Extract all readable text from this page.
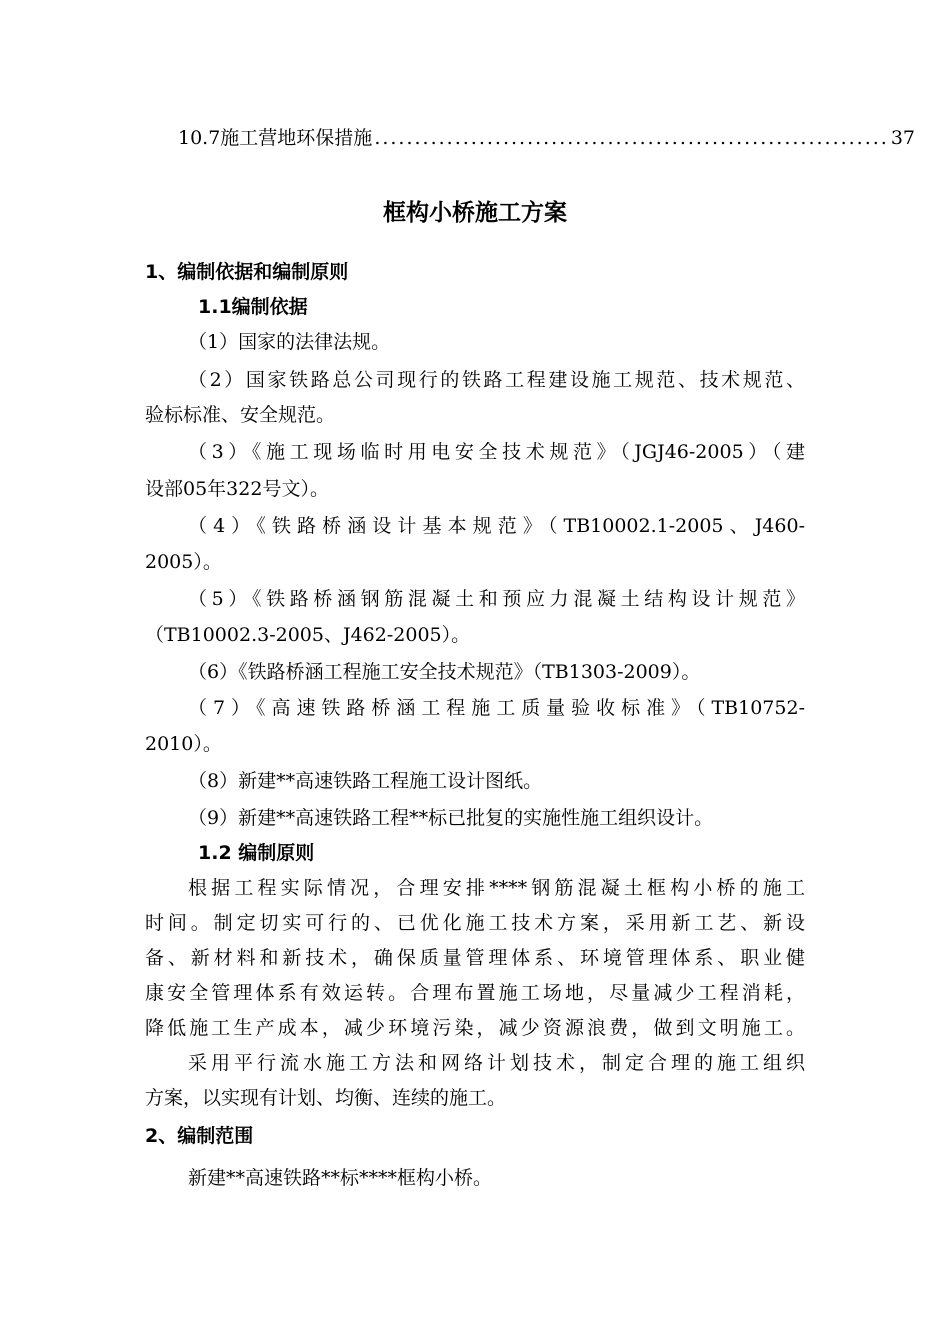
10.7施工营地环保措施 ................................................................ 37
框构小桥施工方案
1、编制依据和编制原则
1.1编制依据
（1）国家的法律法规。
（2）国家铁路总公司现行的铁路工程建设施工规范、技术规范、
验标标准、安全规范。
（3）《施工现场临时用电安全技术规范》（JGJ46-2005）（建
设部05年322号文）。
（4）《铁路桥涵设计基本规范》（TB10002.1-2005、J460-
2005）。
（5）《铁路桥涵钢筋混凝土和预应力混凝土结构设计规范》
（TB10002.3-2005、J462-2005）。
（6）《铁路桥涵工程施工安全技术规范》（TB1303-2009）。
（7）《高速铁路桥涵工程施工质量验收标准》（TB10752-
2010）。
（8）新建**高速铁路工程施工设计图纸。
（9）新建**高速铁路工程**标已批复的实施性施工组织设计。
1.2 编制原则
根据工程实际情况，合理安排****钢筋混凝土框构小桥的施工
时间。制定切实可行的、已优化施工技术方案，采用新工艺、新设
备、新材料和新技术，确保质量管理体系、环境管理体系、职业健
康安全管理体系有效运转。合理布置施工场地，尽量减少工程消耗，
降低施工生产成本，减少环境污染，减少资源浪费，做到文明施工。
采用平行流水施工方法和网络计划技术，制定合理的施工组织
方案，以实现有计划、均衡、连续的施工。
2、编制范围
新建**高速铁路**标****框构小桥。
